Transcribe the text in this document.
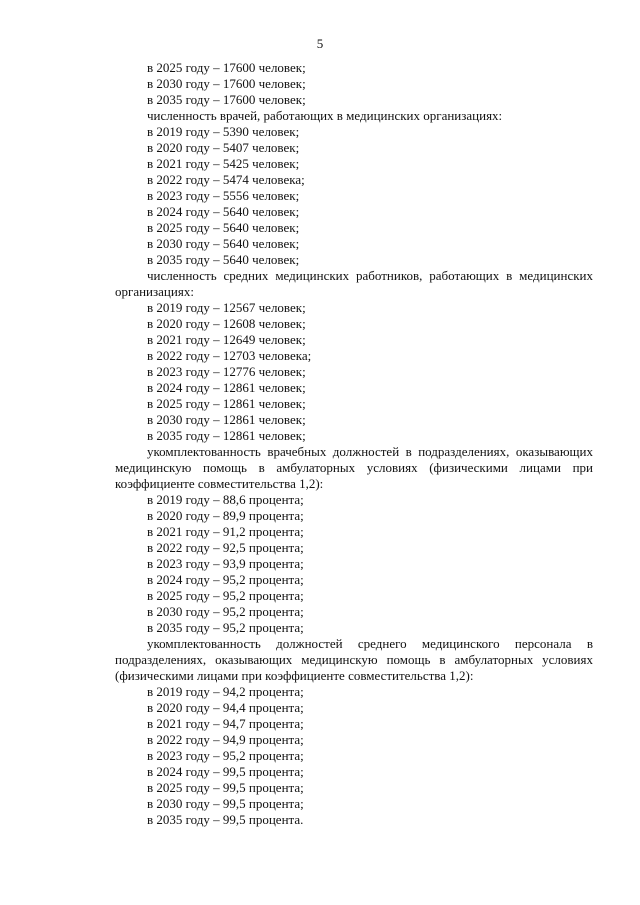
5
в 2025 году – 17600 человек;
в 2030 году – 17600 человек;
в 2035 году – 17600 человек;
численность врачей, работающих в медицинских организациях:
в 2019 году – 5390 человек;
в 2020 году – 5407 человек;
в 2021 году – 5425 человек;
в 2022 году – 5474 человека;
в 2023 году – 5556 человек;
в 2024 году – 5640 человек;
в 2025 году – 5640 человек;
в 2030 году – 5640 человек;
в 2035 году – 5640 человек;
численность средних медицинских работников, работающих в медицинских организациях:
в 2019 году – 12567 человек;
в 2020 году – 12608 человек;
в 2021 году – 12649 человек;
в 2022 году – 12703 человека;
в 2023 году – 12776 человек;
в 2024 году – 12861 человек;
в 2025 году – 12861 человек;
в 2030 году – 12861 человек;
в 2035 году – 12861 человек;
укомплектованность врачебных должностей в подразделениях, оказывающих медицинскую помощь в амбулаторных условиях (физическими лицами при коэффициенте совместительства 1,2):
в 2019 году – 88,6 процента;
в 2020 году – 89,9 процента;
в 2021 году – 91,2 процента;
в 2022 году – 92,5 процента;
в 2023 году – 93,9 процента;
в 2024 году – 95,2 процента;
в 2025 году – 95,2 процента;
в 2030 году – 95,2 процента;
в 2035 году – 95,2 процента;
укомплектованность должностей среднего медицинского персонала в подразделениях, оказывающих медицинскую помощь в амбулаторных условиях (физическими лицами при коэффициенте совместительства 1,2):
в 2019 году – 94,2 процента;
в 2020 году – 94,4 процента;
в 2021 году – 94,7 процента;
в 2022 году – 94,9 процента;
в 2023 году – 95,2 процента;
в 2024 году – 99,5 процента;
в 2025 году – 99,5 процента;
в 2030 году – 99,5 процента;
в 2035 году – 99,5 процента.
